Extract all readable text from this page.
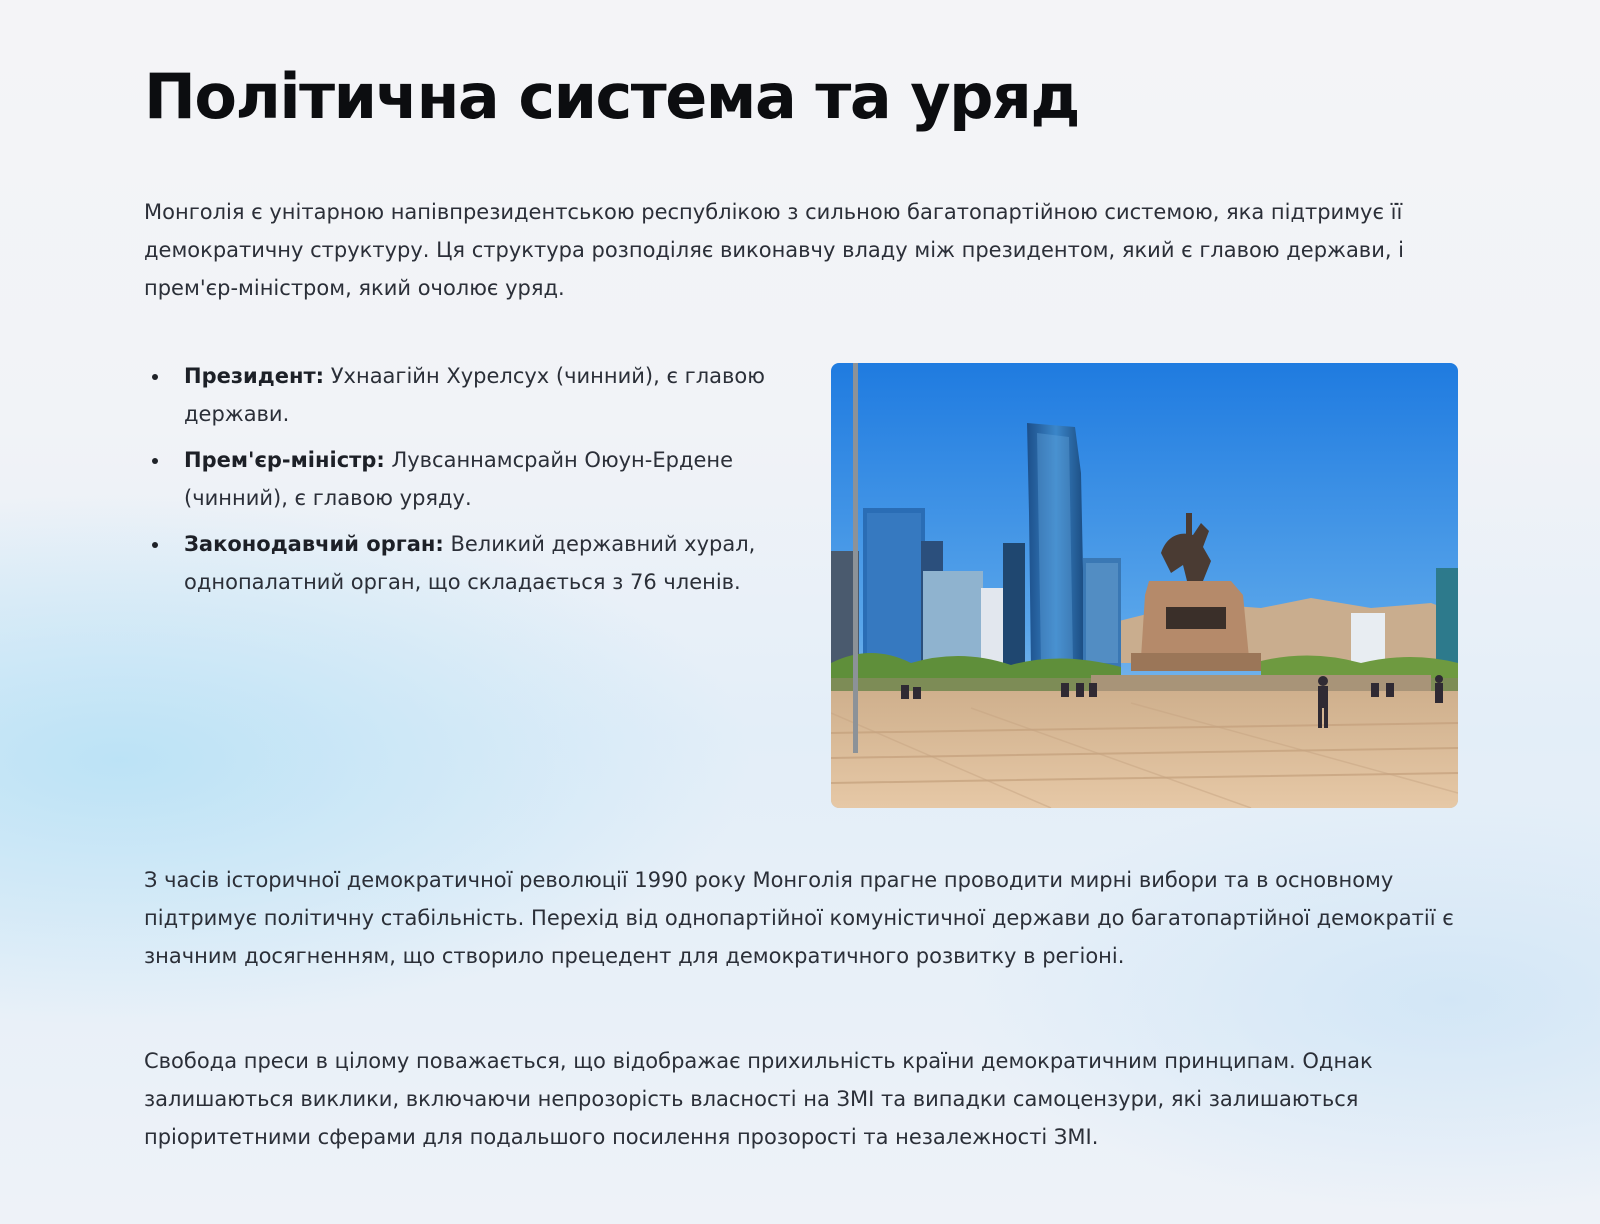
Політична система та уряд

Монголія є унітарною напівпрезидентською республікою з сильною багатопартійною системою, яка підтримує її демократичну структуру. Ця структура розподіляє виконавчу владу між президентом, який є главою держави, і прем'єр-міністром, який очолює уряд.

Президент: Ухнаагійн Хурелсух (чинний), є главою держави.
Прем'єр-міністр: Лувсаннамсрайн Оюун-Ердене (чинний), є главою уряду.
Законодавчий орган: Великий державний хурал, однопалатний орган, що складається з 76 членів.

З часів історичної демократичної революції 1990 року Монголія прагне проводити мирні вибори та в основному підтримує політичну стабільність. Перехід від однопартійної комуністичної держави до багатопартійної демократії є значним досягненням, що створило прецедент для демократичного розвитку в регіоні.

Свобода преси в цілому поважається, що відображає прихильність країни демократичним принципам. Однак залишаються виклики, включаючи непрозорість власності на ЗМІ та випадки самоцензури, які залишаються пріоритетними сферами для подальшого посилення прозорості та незалежності ЗМІ.
